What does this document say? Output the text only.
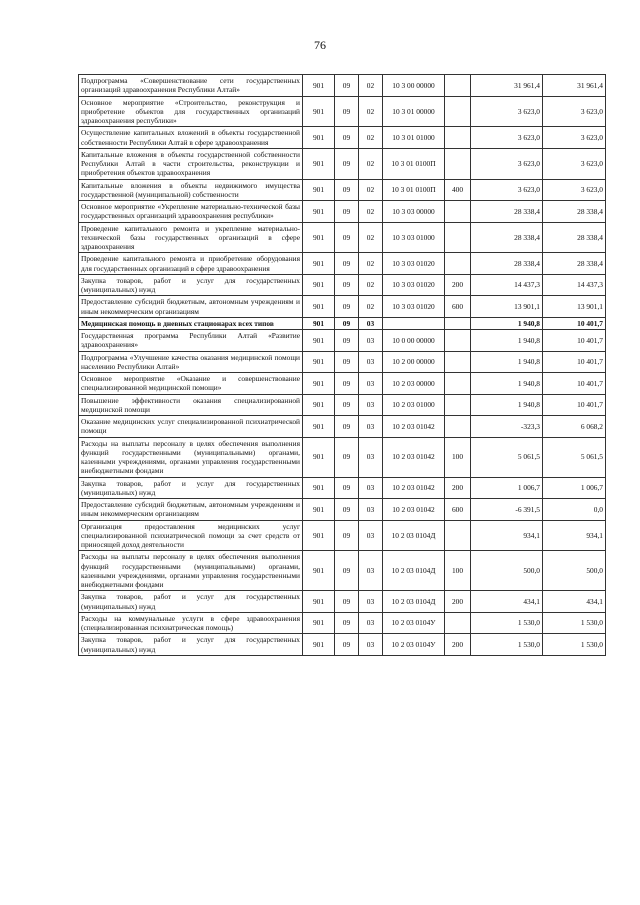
76
Подпрограмма «Совершенствование сети государственных организаций здравоохранения Республики Алтай»	901	09	02	10 3 00 00000		31 961,4	31 961,4
Основное мероприятие «Строительство, реконструкция и приобретение объектов для государственных организаций здравоохранения республики»	901	09	02	10 3 01 00000		3 623,0	3 623,0
Осуществление капитальных вложений в объекты государственной собственности Республики Алтай в сфере здравоохранения	901	09	02	10 3 01 01000		3 623,0	3 623,0
Капитальные вложения в объекты государственной собственности Республики Алтай в части строительства, реконструкции и приобретения объектов здравоохранения	901	09	02	10 3 01 0100П		3 623,0	3 623,0
Капитальные вложения в объекты недвижимого имущества государственной (муниципальной) собственности	901	09	02	10 3 01 0100П	400	3 623,0	3 623,0
Основное мероприятие «Укрепление материально-технической базы государственных организаций здравоохранения республики»	901	09	02	10 3 03 00000		28 338,4	28 338,4
Проведение капитального ремонта и укрепление материально-технической базы государственных организаций в сфере здравоохранения	901	09	02	10 3 03 01000		28 338,4	28 338,4
Проведение капитального ремонта и приобретение оборудования для государственных организаций в сфере здравоохранения	901	09	02	10 3 03 01020		28 338,4	28 338,4
Закупка товаров, работ и услуг для государственных (муниципальных) нужд	901	09	02	10 3 03 01020	200	14 437,3	14 437,3
Предоставление субсидий бюджетным, автономным учреждениям и иным некоммерческим организациям	901	09	02	10 3 03 01020	600	13 901,1	13 901,1
Медицинская помощь в дневных стационарах всех типов	901	09	03			1 940,8	10 401,7
Государственная программа Республики Алтай «Развитие здравоохранения»	901	09	03	10 0 00 00000		1 940,8	10 401,7
Подпрограмма «Улучшение качества оказания медицинской помощи населению Республики Алтай»	901	09	03	10 2 00 00000		1 940,8	10 401,7
Основное мероприятие «Оказание и совершенствование специализированной медицинской помощи»	901	09	03	10 2 03 00000		1 940,8	10 401,7
Повышение эффективности оказания специализированной медицинской помощи	901	09	03	10 2 03 01000		1 940,8	10 401,7
Оказание медицинских услуг специализированной психиатрической помощи	901	09	03	10 2 03 01042		-323,3	6 068,2
Расходы на выплаты персоналу в целях обеспечения выполнения функций государственными (муниципальными) органами, казенными учреждениями, органами управления государственными внебюджетными фондами	901	09	03	10 2 03 01042	100	5 061,5	5 061,5
Закупка товаров, работ и услуг для государственных (муниципальных) нужд	901	09	03	10 2 03 01042	200	1 006,7	1 006,7
Предоставление субсидий бюджетным, автономным учреждениям и иным некоммерческим организациям	901	09	03	10 2 03 01042	600	-6 391,5	0,0
Организация предоставления медицинских услуг специализированной психиатрической помощи за счет средств от приносящей доход деятельности	901	09	03	10 2 03 0104Д		934,1	934,1
Расходы на выплаты персоналу в целях обеспечения выполнения функций государственными (муниципальными) органами, казенными учреждениями, органами управления государственными внебюджетными фондами	901	09	03	10 2 03 0104Д	100	500,0	500,0
Закупка товаров, работ и услуг для государственных (муниципальных) нужд	901	09	03	10 2 03 0104Д	200	434,1	434,1
Расходы на коммунальные услуги в сфере здравоохранения (специализированная психиатрическая помощь)	901	09	03	10 2 03 0104У		1 530,0	1 530,0
Закупка товаров, работ и услуг для государственных (муниципальных) нужд	901	09	03	10 2 03 0104У	200	1 530,0	1 530,0
